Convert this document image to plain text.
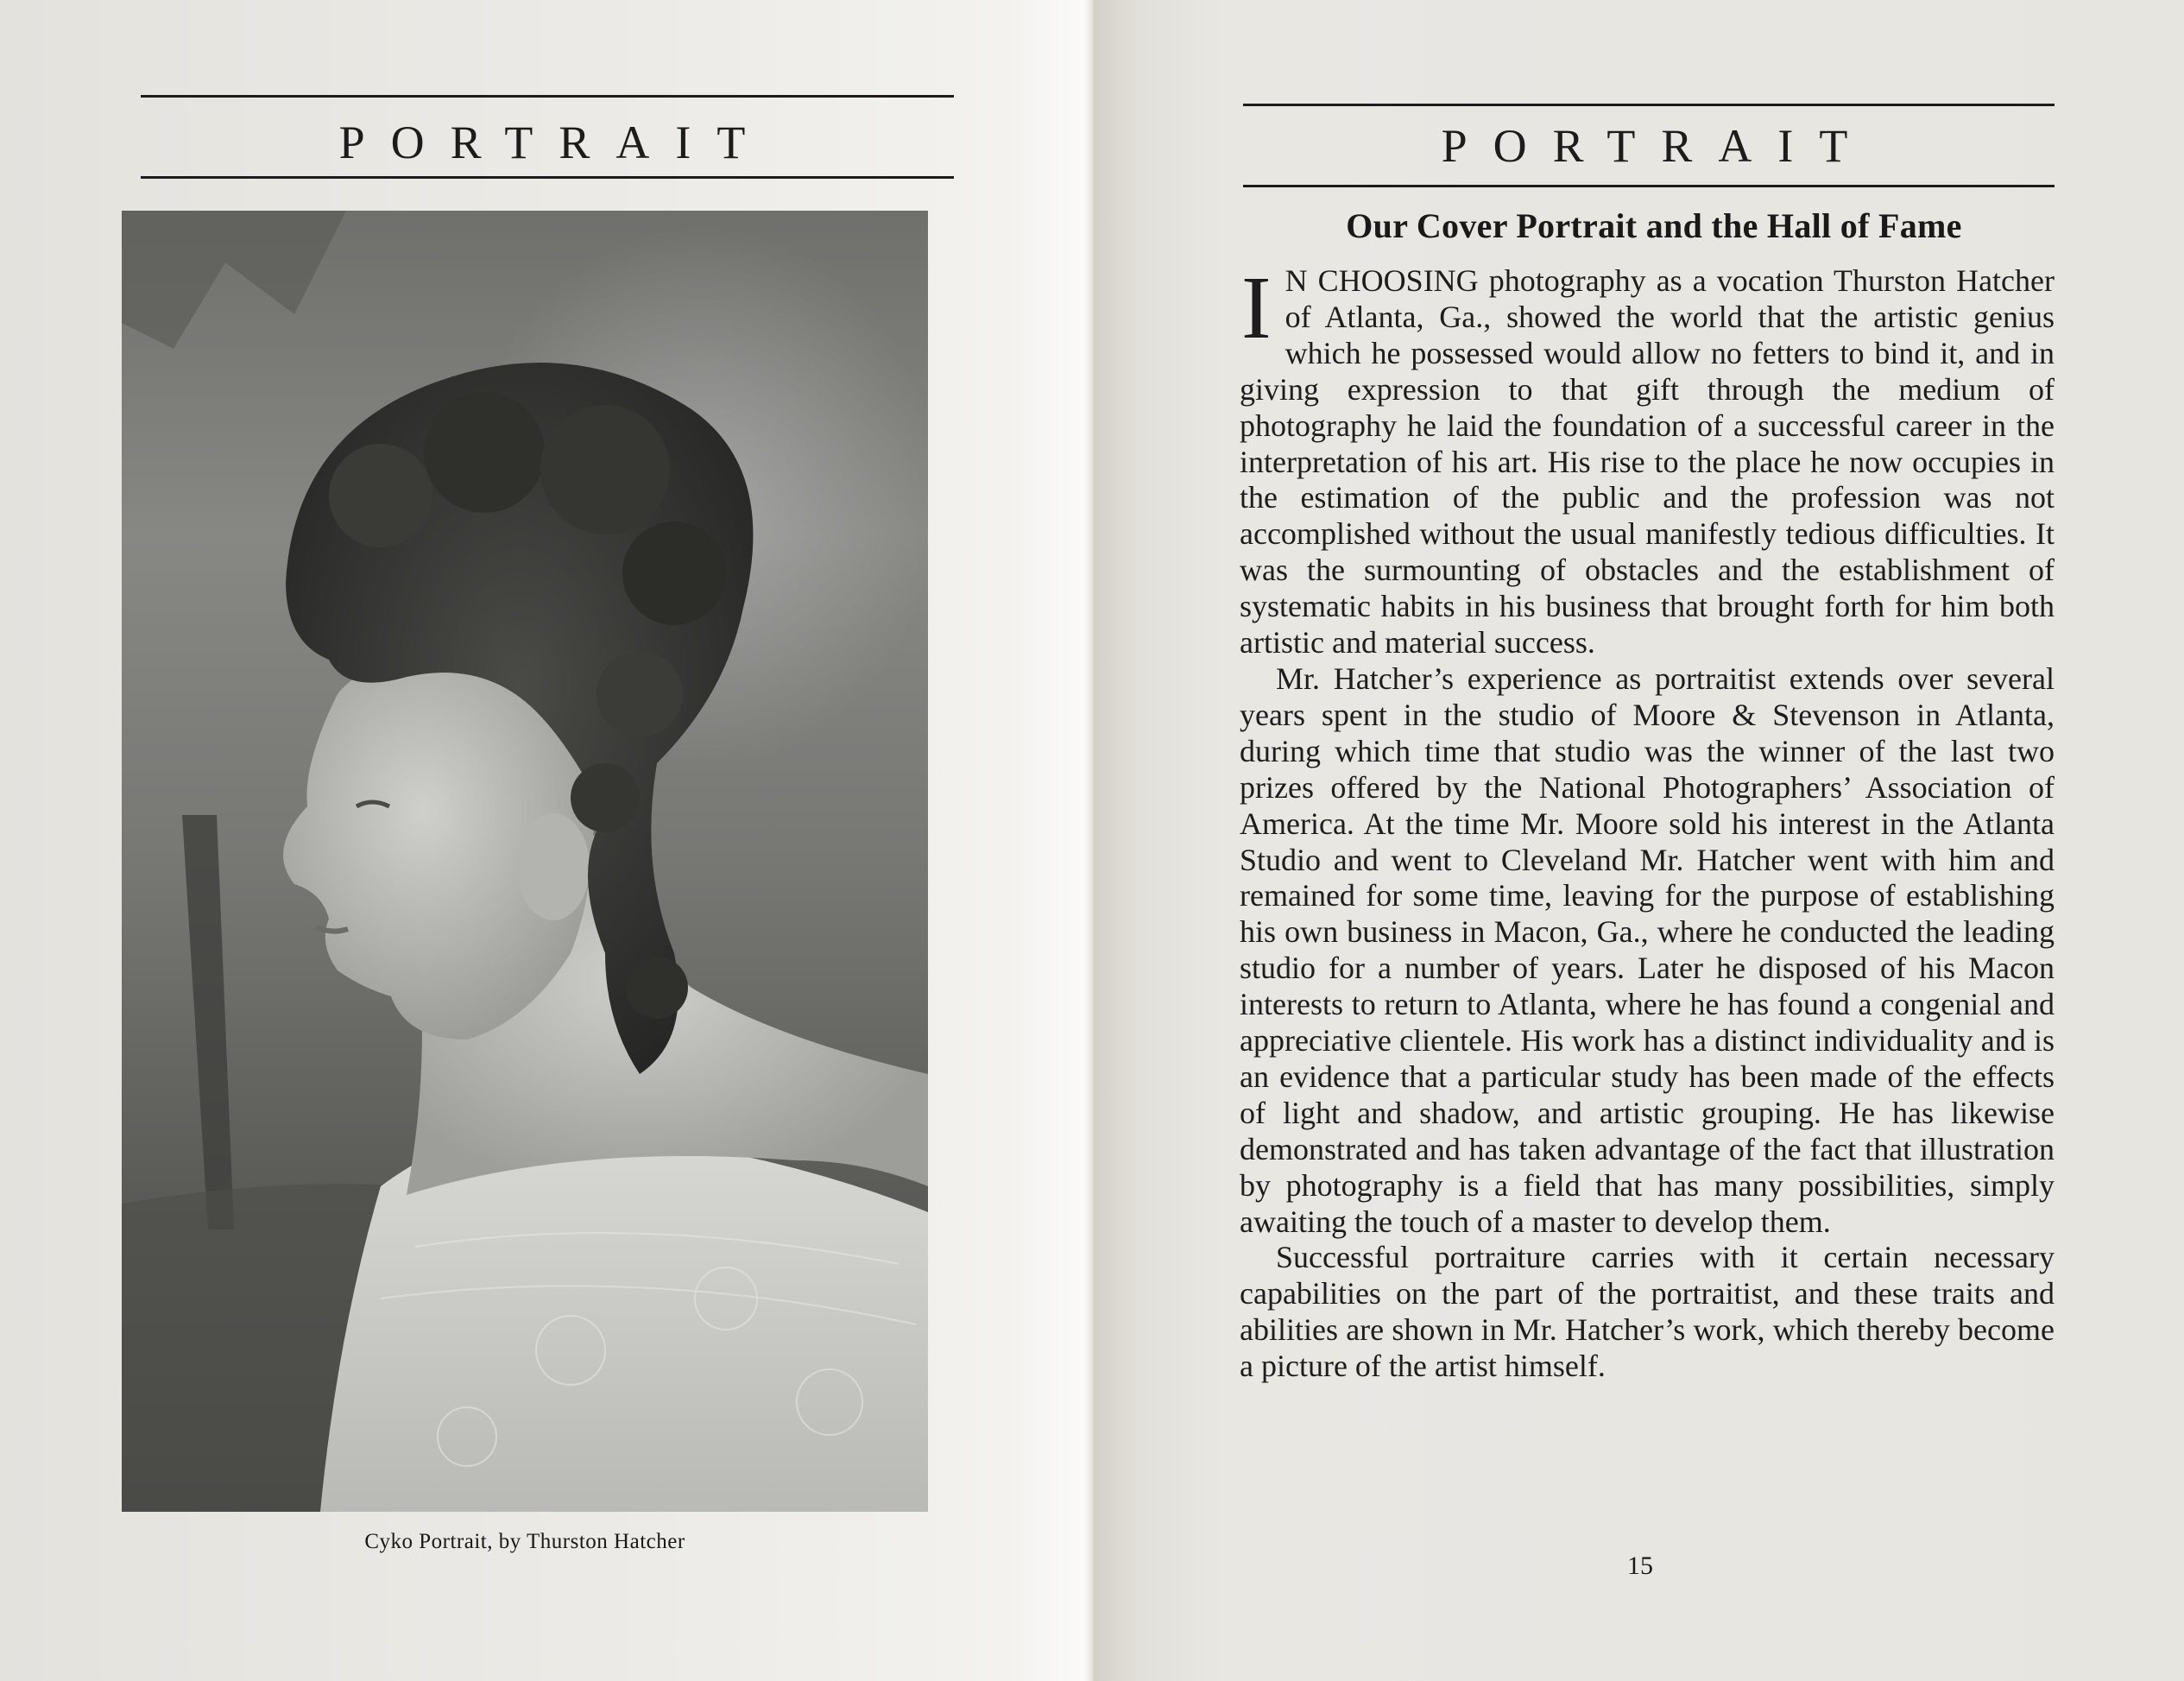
PORTRAIT
Cyko Portrait, by Thurston Hatcher
PORTRAIT
Our Cover Portrait and the Hall of Fame

I N CHOOSING photography as a vocation Thurston Hatcher of Atlanta, Ga., showed the world that the artistic genius which he possessed would allow no fetters to bind it, and in giving expression to that gift through the medium of photography he laid the foundation of a successful career in the interpretation of his art. His rise to the place he now occupies in the estimation of the public and the profession was not accomplished without the usual manifestly tedious difficulties. It was the surmounting of obstacles and the establishment of systematic habits in his business that brought forth for him both artistic and material success.

Mr. Hatcher’s experience as portraitist extends over several years spent in the studio of Moore & Stevenson in Atlanta, during which time that studio was the winner of the last two prizes offered by the National Photographers’ Association of America. At the time Mr. Moore sold his interest in the Atlanta Studio and went to Cleveland Mr. Hatcher went with him and remained for some time, leaving for the purpose of establishing his own business in Macon, Ga., where he conducted the leading studio for a number of years. Later he disposed of his Macon interests to return to Atlanta, where he has found a congenial and appreciative clientele. His work has a distinct individuality and is an evidence that a particular study has been made of the effects of light and shadow, and artistic grouping. He has likewise demonstrated and has taken advantage of the fact that illustration by photography is a field that has many possibilities, simply awaiting the touch of a master to develop them.

Successful portraiture carries with it certain necessary capabilities on the part of the portraitist, and these traits and abilities are shown in Mr. Hatcher’s work, which thereby become a picture of the artist himself.

15
